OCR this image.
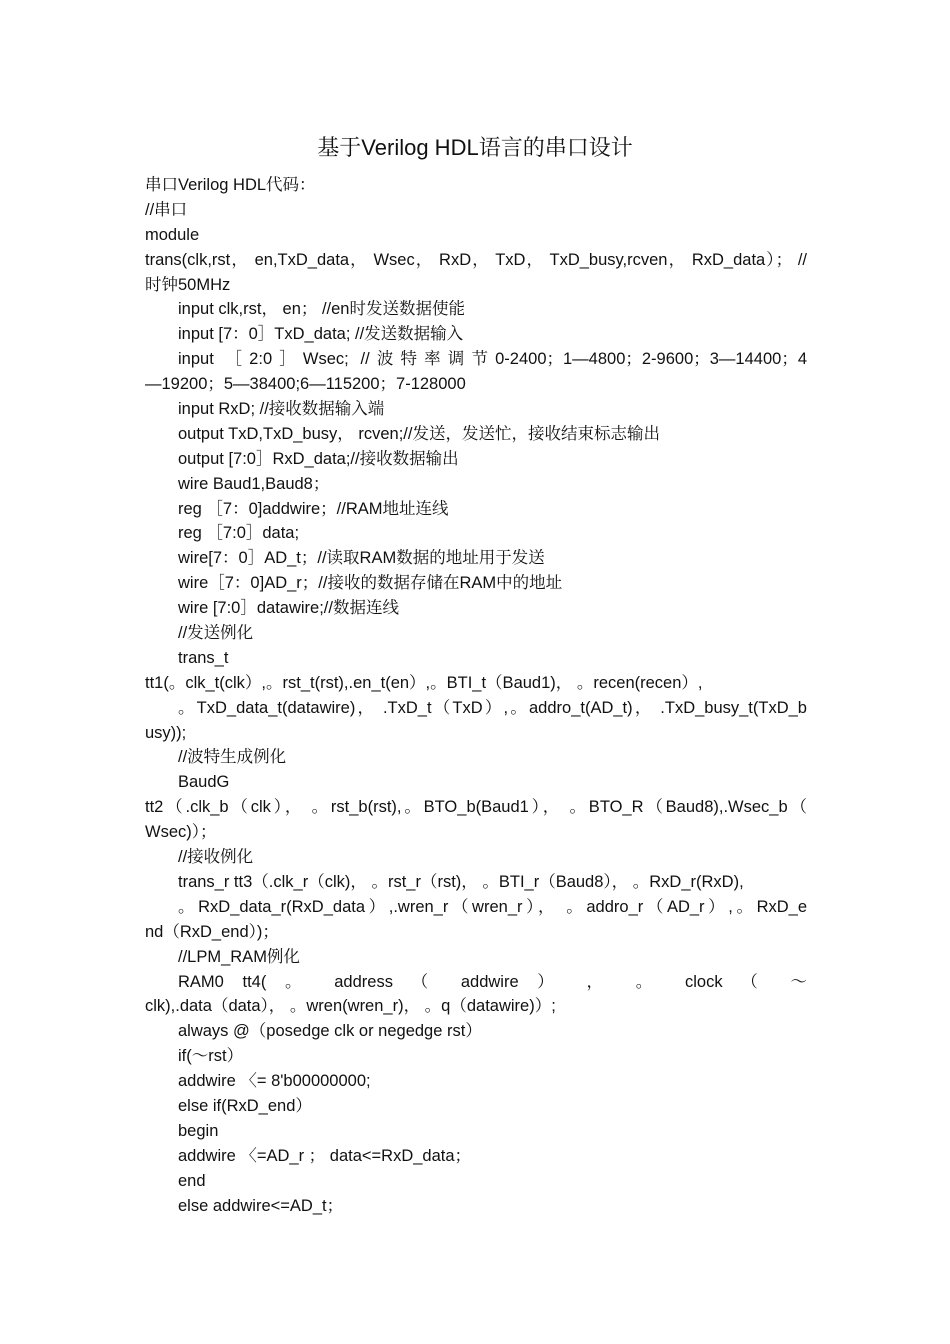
基于Verilog HDL语言的串口设计
串口Verilog HDL代码：
//串口
module
trans(clk,rst， en,TxD_data， Wsec， RxD， TxD， TxD_busy,rcven， RxD_data）； //
时钟50MHz
input clk,rst， en； //en时发送数据使能
input [7：0］TxD_data; //发送数据输入
input ［2:0］Wsec; //波特率调节0-2400；1—4800；2-9600；3—14400；4
—19200；5—38400;6—115200；7-128000
input RxD; //接收数据输入端
output TxD,TxD_busy， rcven;//发送，发送忙，接收结束标志输出
output [7:0］RxD_data;//接收数据输出
wire Baud1,Baud8；
reg ［7：0]addwire；//RAM地址连线
reg ［7:0］data;
wire[7：0］AD_t；//读取RAM数据的地址用于发送
wire［7：0]AD_r；//接收的数据存储在RAM中的地址
wire [7:0］datawire;//数据连线
//发送例化
trans_t
tt1(。clk_t(clk）,。rst_t(rst),.en_t(en）,。BTI_t（Baud1)， 。recen(recen）,
。TxD_data_t(datawire)， .TxD_t（TxD）,。addro_t(AD_t)， .TxD_busy_t(TxD_b
usy));
//波特生成例化
BaudG
tt2（.clk_b（clk）， 。rst_b(rst),。BTO_b(Baud1）， 。BTO_R（Baud8),.Wsec_b（
Wsec)）；
//接收例化
trans_r tt3（.clk_r（clk)， 。rst_r（rst)， 。BTI_r（Baud8）， 。RxD_r(RxD),
。RxD_data_r(RxD_data）,.wren_r（wren_r）， 。addro_r（AD_r）,。RxD_e
nd（RxD_end）)；
//LPM_RAM例化
RAM0 tt4( 。 address （ addwire ） ， 。 clock （ ～
clk),.data（data）， 。wren(wren_r)， 。q（datawire)）;
always @（posedge clk or negedge rst）
if(～rst）
addwire 〈= 8'b00000000;
else if(RxD_end）
begin
addwire 〈=AD_r ； data<=RxD_data；
end
else addwire<=AD_t；
